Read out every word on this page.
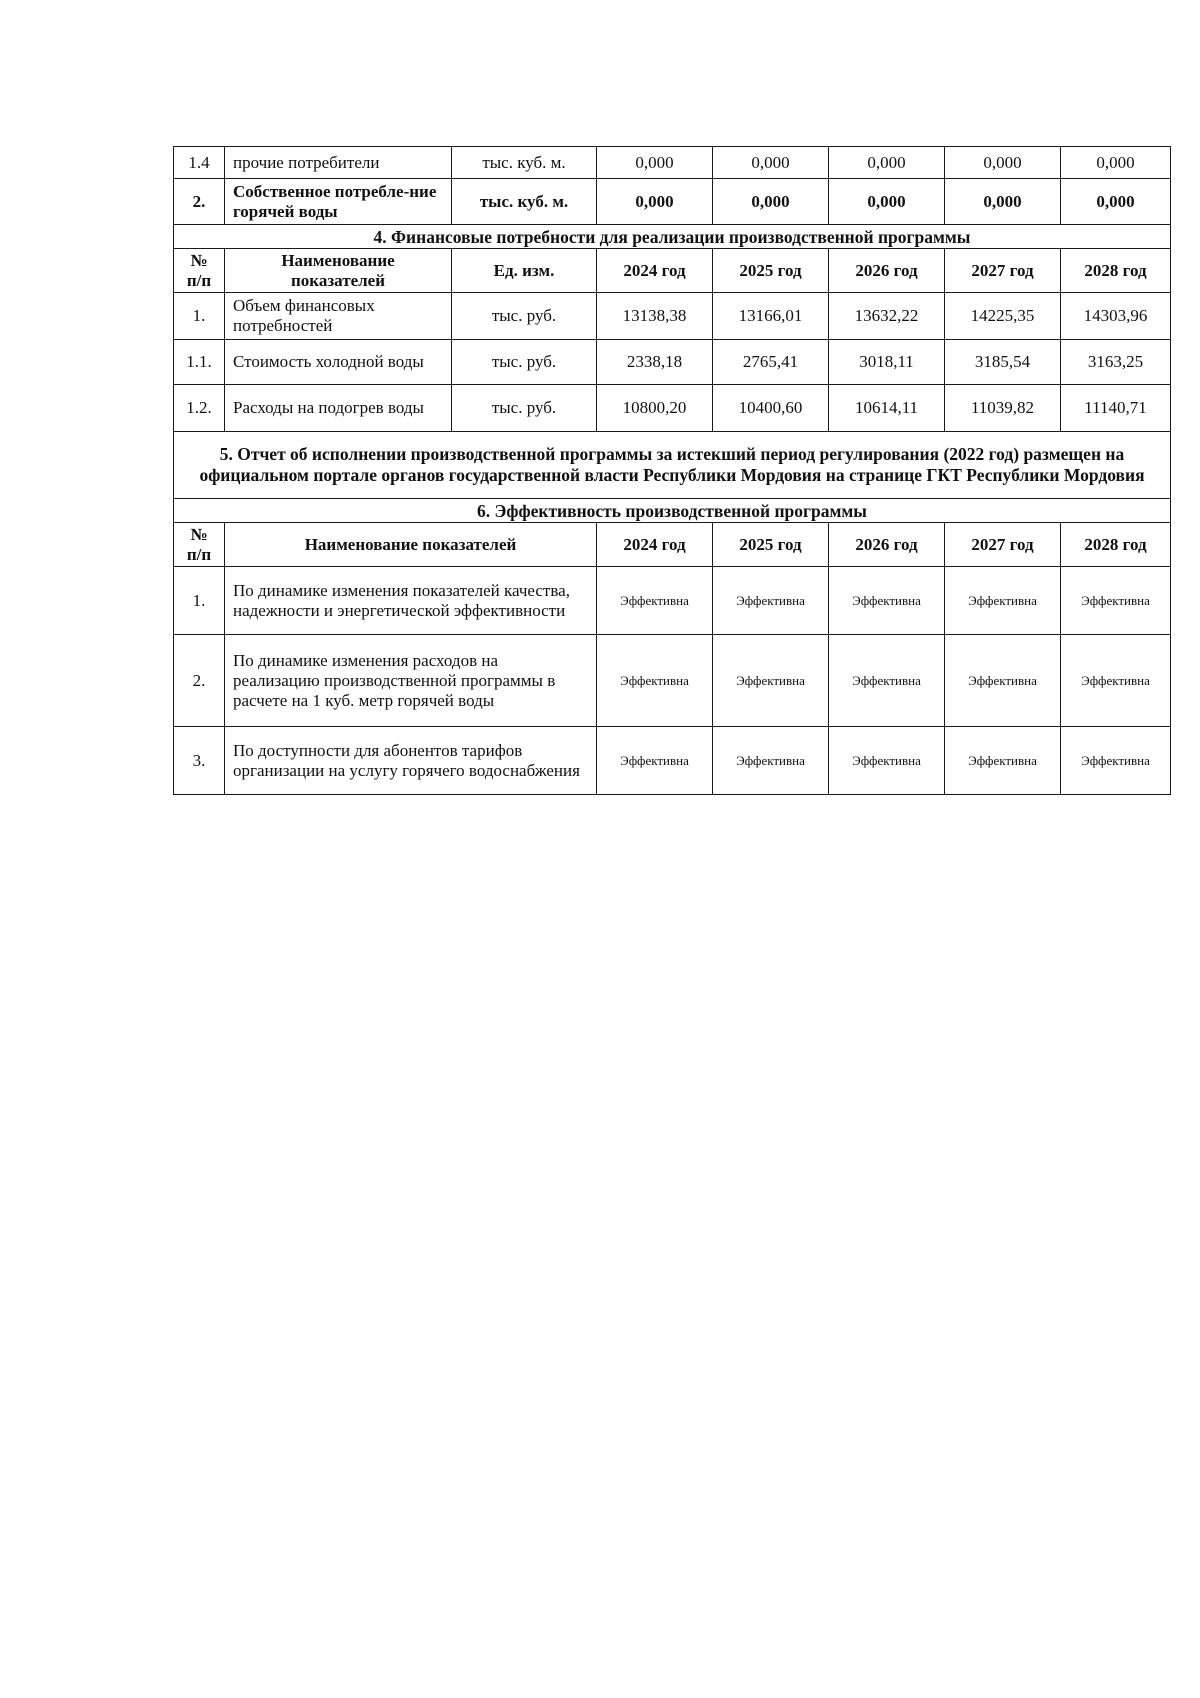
1.4	прочие потребители	тыс. куб. м.	0,000	0,000	0,000	0,000	0,000
2.	Собственное потребле-ние горячей воды	тыс. куб. м.	0,000	0,000	0,000	0,000	0,000
4. Финансовые потребности для реализации производственной программы							
№ п/п	Наименование показателей	Ед. изм.	2024 год	2025 год	2026 год	2027 год	2028 год
1.	Объем финансовых потребностей	тыс. руб.	13138,38	13166,01	13632,22	14225,35	14303,96
1.1.	Стоимость холодной воды	тыс. руб.	2338,18	2765,41	3018,11	3185,54	3163,25
1.2.	Расходы на подогрев воды	тыс. руб.	10800,20	10400,60	10614,11	11039,82	11140,71
5. Отчет об исполнении производственной программы за истекший период регулирования (2022 год) размещен на официальном портале органов государственной власти Республики Мордовия на странице ГКТ Республики Мордовия							
6. Эффективность производственной программы							
№ п/п	Наименование показателей		2024 год	2025 год	2026 год	2027 год	2028 год
1.	По динамике изменения показателей качества, надежности и энергетической эффективности		Эффективна	Эффективна	Эффективна	Эффективна	Эффективна
2.	По динамике изменения расходов на реализацию производственной программы в расчете на 1 куб. метр горячей воды		Эффективна	Эффективна	Эффективна	Эффективна	Эффективна
3.	По доступности для абонентов тарифов организации на услугу горячего водоснабжения		Эффективна	Эффективна	Эффективна	Эффективна	Эффективна
